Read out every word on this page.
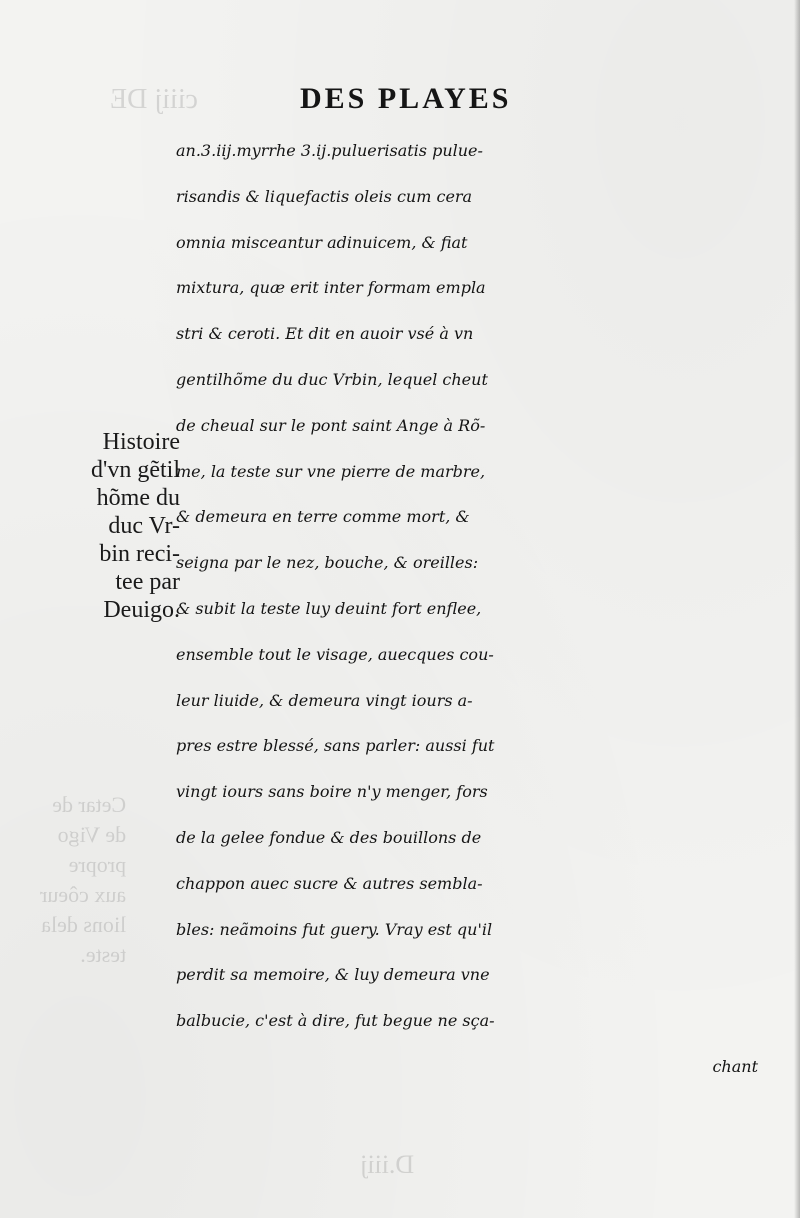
ciiij DE
Cetar de
de Vigo
propre
aux côeur
lions dela
teste.
D.iiij
DES PLAYES
Histoire
d'vn gẽtil
hõme du
duc Vr-
bin reci-
tee par
Deuigo.
an.3.iij.myrrhe 3.ij.puluerisatis pulue-
risandis & liquefactis oleis cum cera
omnia misceantur adinuicem, & fiat
mixtura, quæ erit inter formam empla
stri & ceroti. Et dit en auoir vsé à vn
gentilhõme du duc Vrbin, lequel cheut
de cheual sur le pont saint Ange à Rõ-
me, la teste sur vne pierre de marbre,
& demeura en terre comme mort, &
seigna par le nez, bouche, & oreilles:
& subit la teste luy deuint fort enflee,
ensemble tout le visage, auecques cou-
leur liuide, & demeura vingt iours a-
pres estre blessé, sans parler: aussi fut
vingt iours sans boire n'y menger, fors
de la gelee fondue & des bouillons de
chappon auec sucre & autres sembla-
bles: neãmoins fut guery. Vray est qu'il
perdit sa memoire, & luy demeura vne
balbucie, c'est à dire, fut begue ne sça-
chant
